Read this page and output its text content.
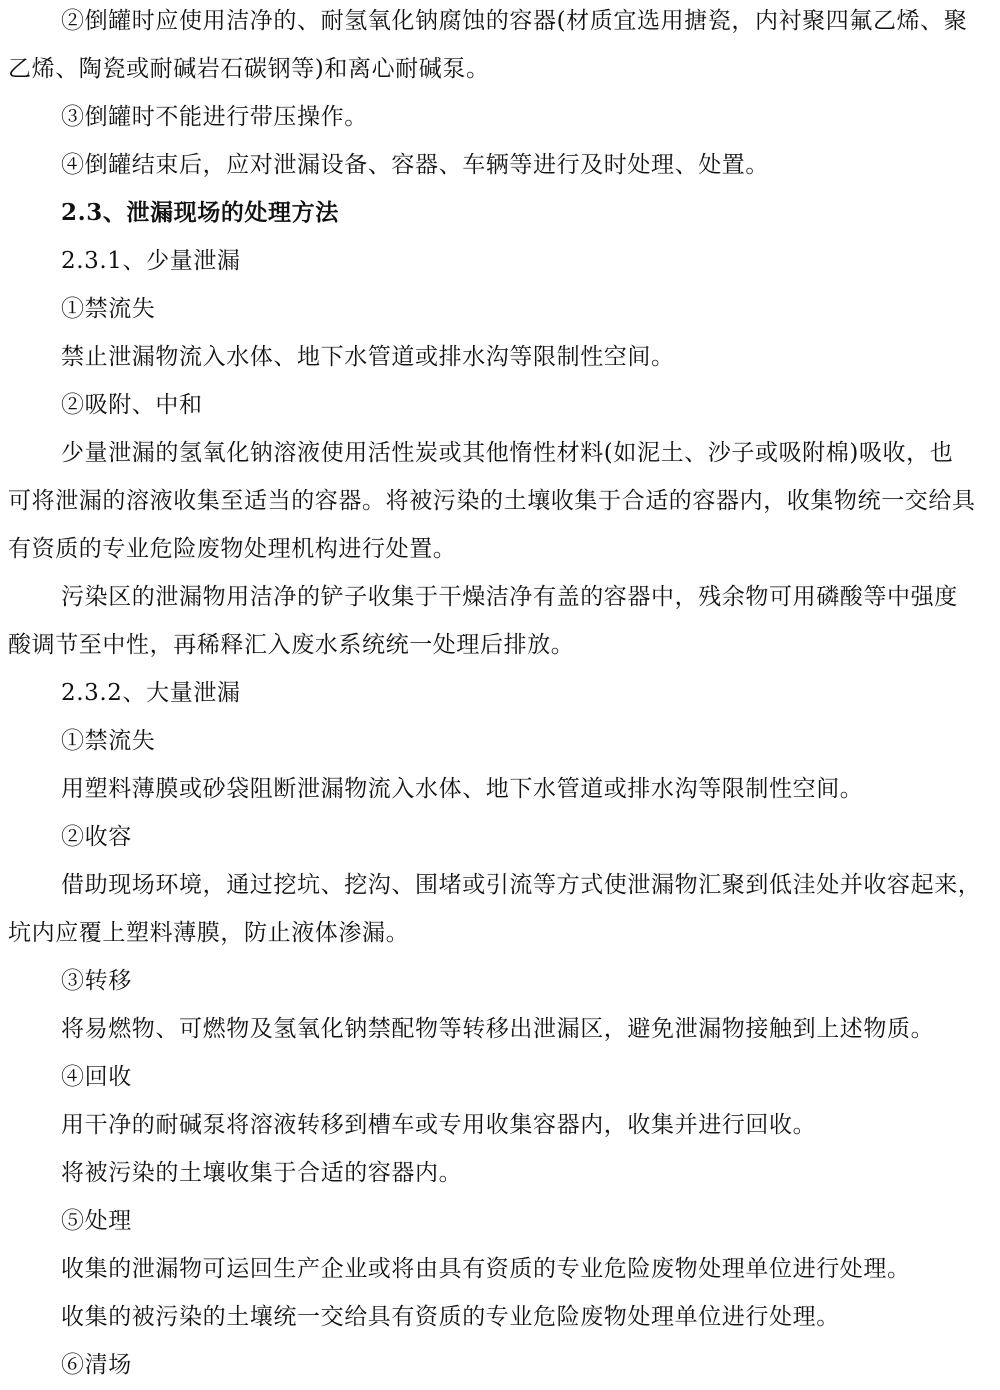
②倒罐时应使用洁净的、耐氢氧化钠腐蚀的容器(材质宜选用搪瓷，内衬聚四氟乙烯、聚
乙烯、陶瓷或耐碱岩石碳钢等)和离心耐碱泵。
③倒罐时不能进行带压操作。
④倒罐结束后，应对泄漏设备、容器、车辆等进行及时处理、处置。
2.3、泄漏现场的处理方法
2.3.1、少量泄漏
①禁流失
禁止泄漏物流入水体、地下水管道或排水沟等限制性空间。
②吸附、中和
少量泄漏的氢氧化钠溶液使用活性炭或其他惰性材料(如泥土、沙子或吸附棉)吸收，也
可将泄漏的溶液收集至适当的容器。将被污染的土壤收集于合适的容器内，收集物统一交给具
有资质的专业危险废物处理机构进行处置。
污染区的泄漏物用洁净的铲子收集于干燥洁净有盖的容器中，残余物可用磷酸等中强度
酸调节至中性，再稀释汇入废水系统统一处理后排放。
2.3.2、大量泄漏
①禁流失
用塑料薄膜或砂袋阻断泄漏物流入水体、地下水管道或排水沟等限制性空间。
②收容
借助现场环境，通过挖坑、挖沟、围堵或引流等方式使泄漏物汇聚到低洼处并收容起来，
坑内应覆上塑料薄膜，防止液体渗漏。
③转移
将易燃物、可燃物及氢氧化钠禁配物等转移出泄漏区，避免泄漏物接触到上述物质。
④回收
用干净的耐碱泵将溶液转移到槽车或专用收集容器内，收集并进行回收。
将被污染的土壤收集于合适的容器内。
⑤处理
收集的泄漏物可运回生产企业或将由具有资质的专业危险废物处理单位进行处理。
收集的被污染的土壤统一交给具有资质的专业危险废物处理单位进行处理。
⑥清场
